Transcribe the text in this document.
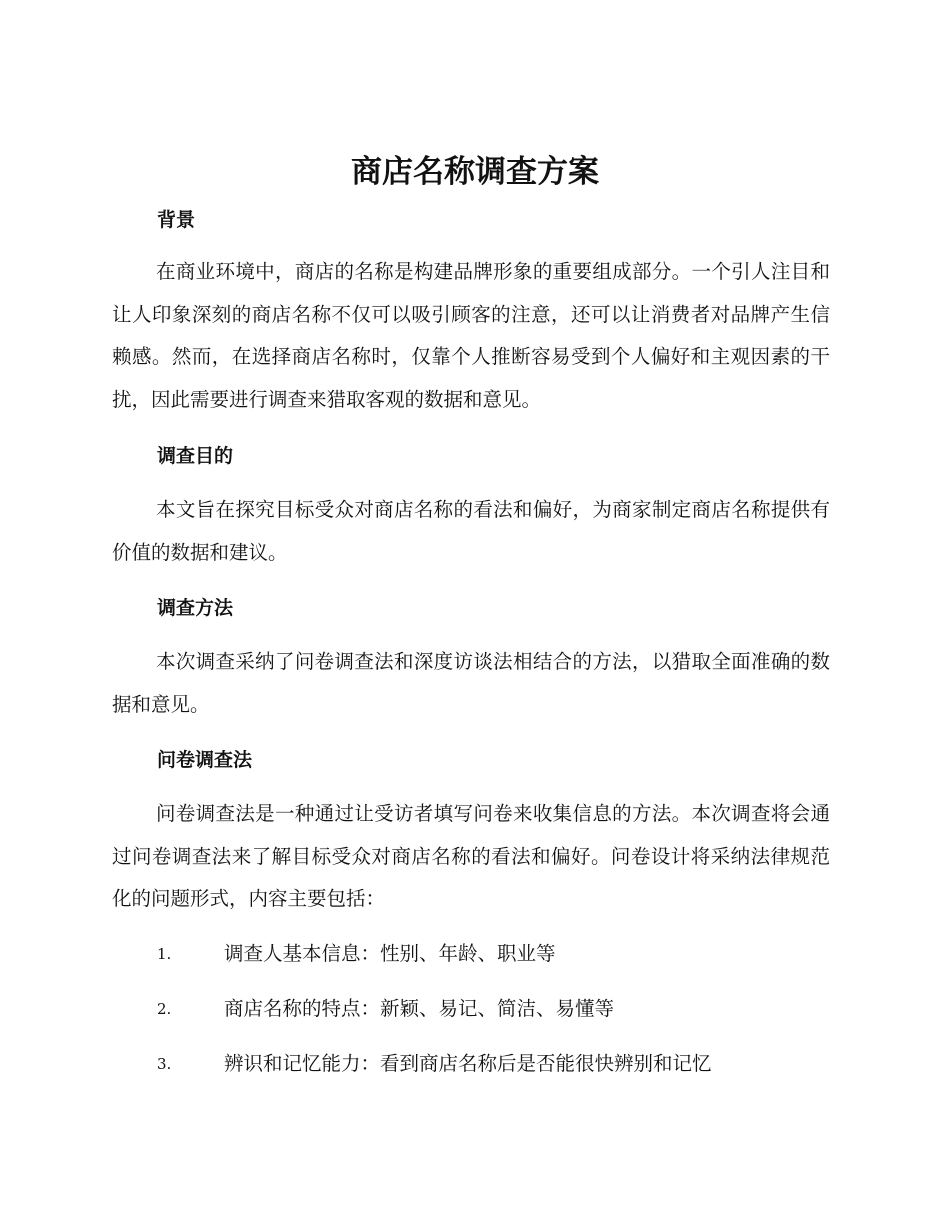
商店名称调查方案
背景

在商业环境中，商店的名称是构建品牌形象的重要组成部分。一个引人注目和让人印象深刻的商店名称不仅可以吸引顾客的注意，还可以让消费者对品牌产生信赖感。然而，在选择商店名称时，仅靠个人推断容易受到个人偏好和主观因素的干扰，因此需要进行调查来猎取客观的数据和意见。

调查目的

本文旨在探究目标受众对商店名称的看法和偏好，为商家制定商店名称提供有价值的数据和建议。

调查方法

本次调查采纳了问卷调查法和深度访谈法相结合的方法，以猎取全面准确的数据和意见。

问卷调查法

问卷调查法是一种通过让受访者填写问卷来收集信息的方法。本次调查将会通过问卷调查法来了解目标受众对商店名称的看法和偏好。问卷设计将采纳法律规范化的问题形式，内容主要包括：

1.	调查人基本信息：性别、年龄、职业等
2.	商店名称的特点：新颖、易记、简洁、易懂等
3.	辨识和记忆能力：看到商店名称后是否能很快辨别和记忆
